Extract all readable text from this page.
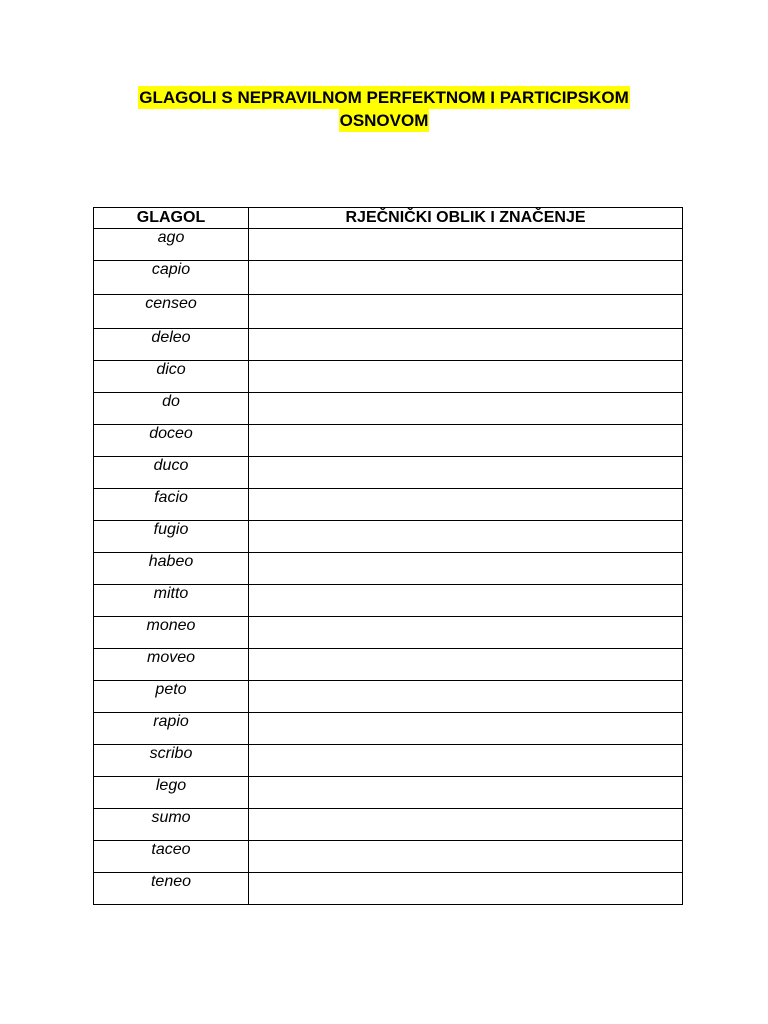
GLAGOLI S NEPRAVILNOM PERFEKTNOM I PARTICIPSKOM
OSNOVOM
GLAGOL	RJEČNIČKI OBLIK I ZNAČENJE
ago	
capio	
censeo	
deleo	
dico	
do	
doceo	
duco	
facio	
fugio	
habeo	
mitto	
moneo	
moveo	
peto	
rapio	
scribo	
lego	
sumo	
taceo	
teneo	
